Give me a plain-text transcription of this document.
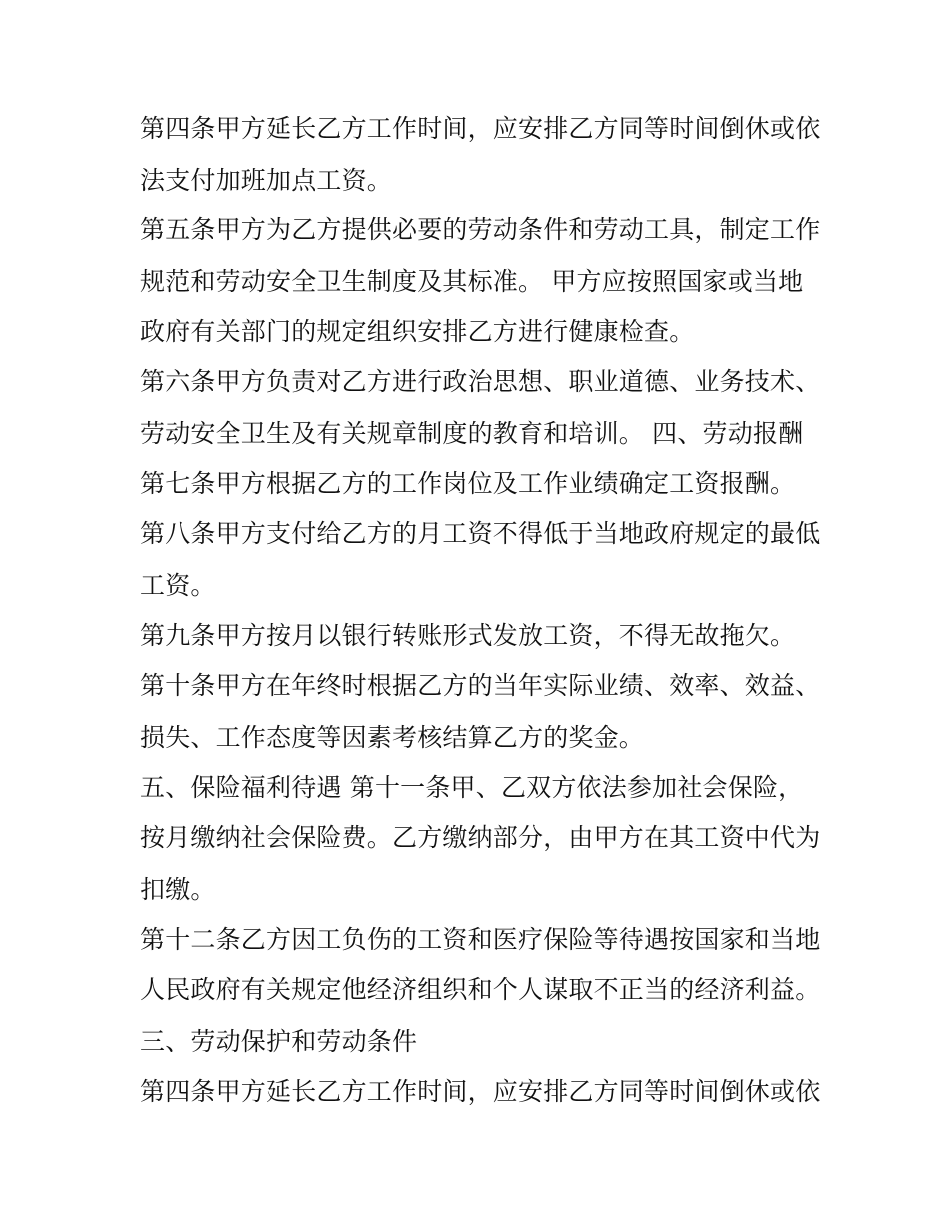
第四条甲方延长乙方工作时间，应安排乙方同等时间倒休或依
法支付加班加点工资。
第五条甲方为乙方提供必要的劳动条件和劳动工具，制定工作
规范和劳动安全卫生制度及其标准。 甲方应按照国家或当地
政府有关部门的规定组织安排乙方进行健康检查。
第六条甲方负责对乙方进行政治思想、职业道德、业务技术、
劳动安全卫生及有关规章制度的教育和培训。 四、劳动报酬
第七条甲方根据乙方的工作岗位及工作业绩确定工资报酬。
第八条甲方支付给乙方的月工资不得低于当地政府规定的最低
工资。
第九条甲方按月以银行转账形式发放工资，不得无故拖欠。
第十条甲方在年终时根据乙方的当年实际业绩、效率、效益、
损失、工作态度等因素考核结算乙方的奖金。
五、保险福利待遇 第十一条甲、乙双方依法参加社会保险，
按月缴纳社会保险费。乙方缴纳部分，由甲方在其工资中代为
扣缴。
第十二条乙方因工负伤的工资和医疗保险等待遇按国家和当地
人民政府有关规定他经济组织和个人谋取不正当的经济利益。
三、劳动保护和劳动条件
第四条甲方延长乙方工作时间，应安排乙方同等时间倒休或依
